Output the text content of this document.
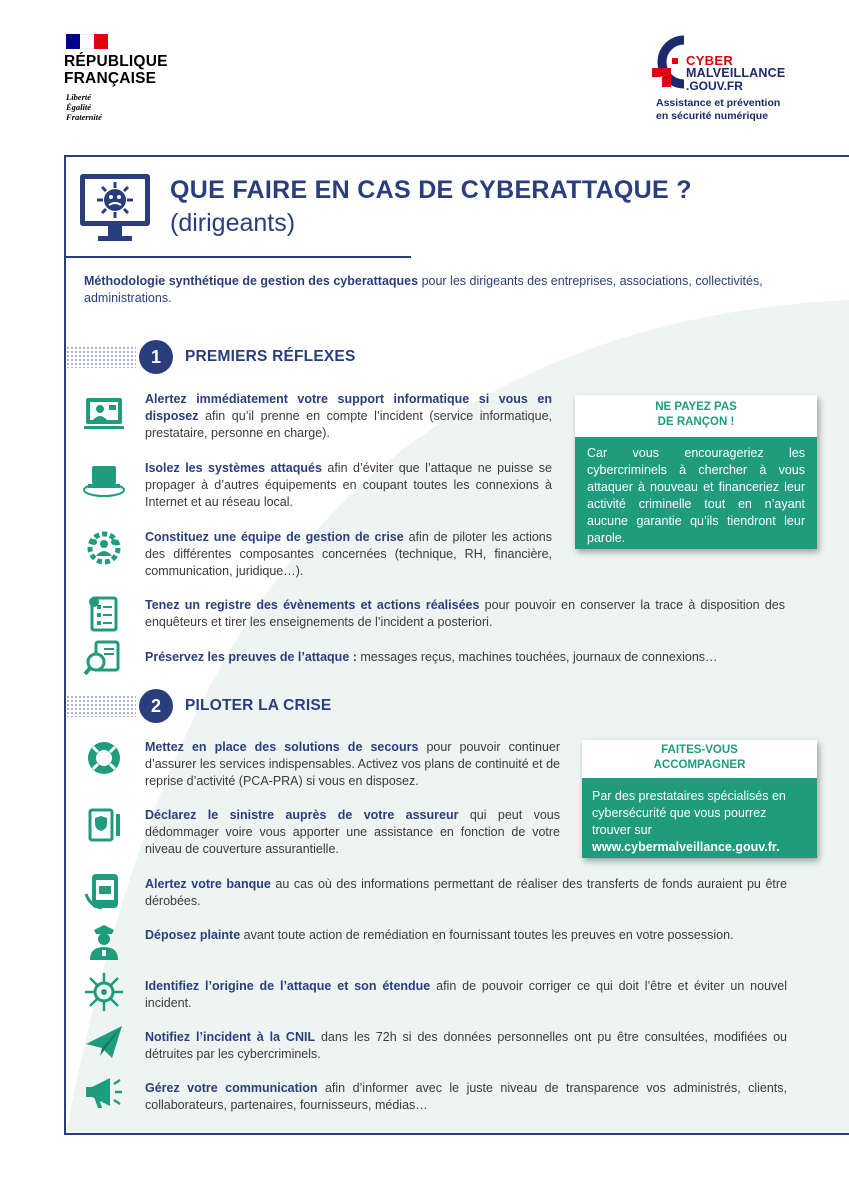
RÉPUBLIQUE
FRANÇAISE
Liberté
Égalité
Fraternité
CYBER
MALVEILLANCE
.GOUV.FR
Assistance et prévention
en sécurité numérique
QUE FAIRE EN CAS DE CYBERATTAQUE ?
(dirigeants)
Méthodologie synthétique de gestion des cyberattaques pour les dirigeants des entreprises, associations, collectivités, administrations.
1	PREMIERS RÉFLEXES
Alertez immédiatement votre support informatique si vous en disposez afin qu’il prenne en compte l’incident (service informatique, prestataire, personne en charge).
Isolez les systèmes attaqués afin d’éviter que l’attaque ne puisse se propager à d’autres équipements en coupant toutes les connexions à Internet et au réseau local.
Constituez une équipe de gestion de crise afin de piloter les actions des différentes composantes concernées (technique, RH, financière, communication, juridique…).
Tenez un registre des évènements et actions réalisées pour pouvoir en conserver la trace à disposition des enquêteurs et tirer les enseignements de l’incident a posteriori.
Préservez les preuves de l’attaque : messages reçus, machines touchées, journaux de connexions…
NE PAYEZ PAS
DE RANÇON !
Car vous encourageriez les cybercriminels à chercher à vous attaquer à nouveau et financeriez leur activité criminelle tout en n’ayant aucune garantie qu’ils tiendront leur parole.
2	PILOTER LA CRISE
Mettez en place des solutions de secours pour pouvoir continuer d’assurer les services indispensables. Activez vos plans de continuité et de reprise d’activité (PCA-PRA) si vous en disposez.
Déclarez le sinistre auprès de votre assureur qui peut vous dédommager voire vous apporter une assistance en fonction de votre niveau de couverture assurantielle.
Alertez votre banque au cas où des informations permettant de réaliser des transferts de fonds auraient pu être dérobées.
Déposez plainte avant toute action de remédiation en fournissant toutes les preuves en votre possession.
Identifiez l’origine de l’attaque et son étendue afin de pouvoir corriger ce qui doit l’être et éviter un nouvel incident.
Notifiez l’incident à la CNIL dans les 72h si des données personnelles ont pu être consultées, modifiées ou détruites par les cybercriminels.
Gérez votre communication afin d’informer avec le juste niveau de transparence vos administrés, clients, collaborateurs, partenaires, fournisseurs, médias…
FAITES-VOUS
ACCOMPAGNER
Par des prestataires spécialisés en cybersécurité que vous pourrez trouver sur
www.cybermalveillance.gouv.fr.
